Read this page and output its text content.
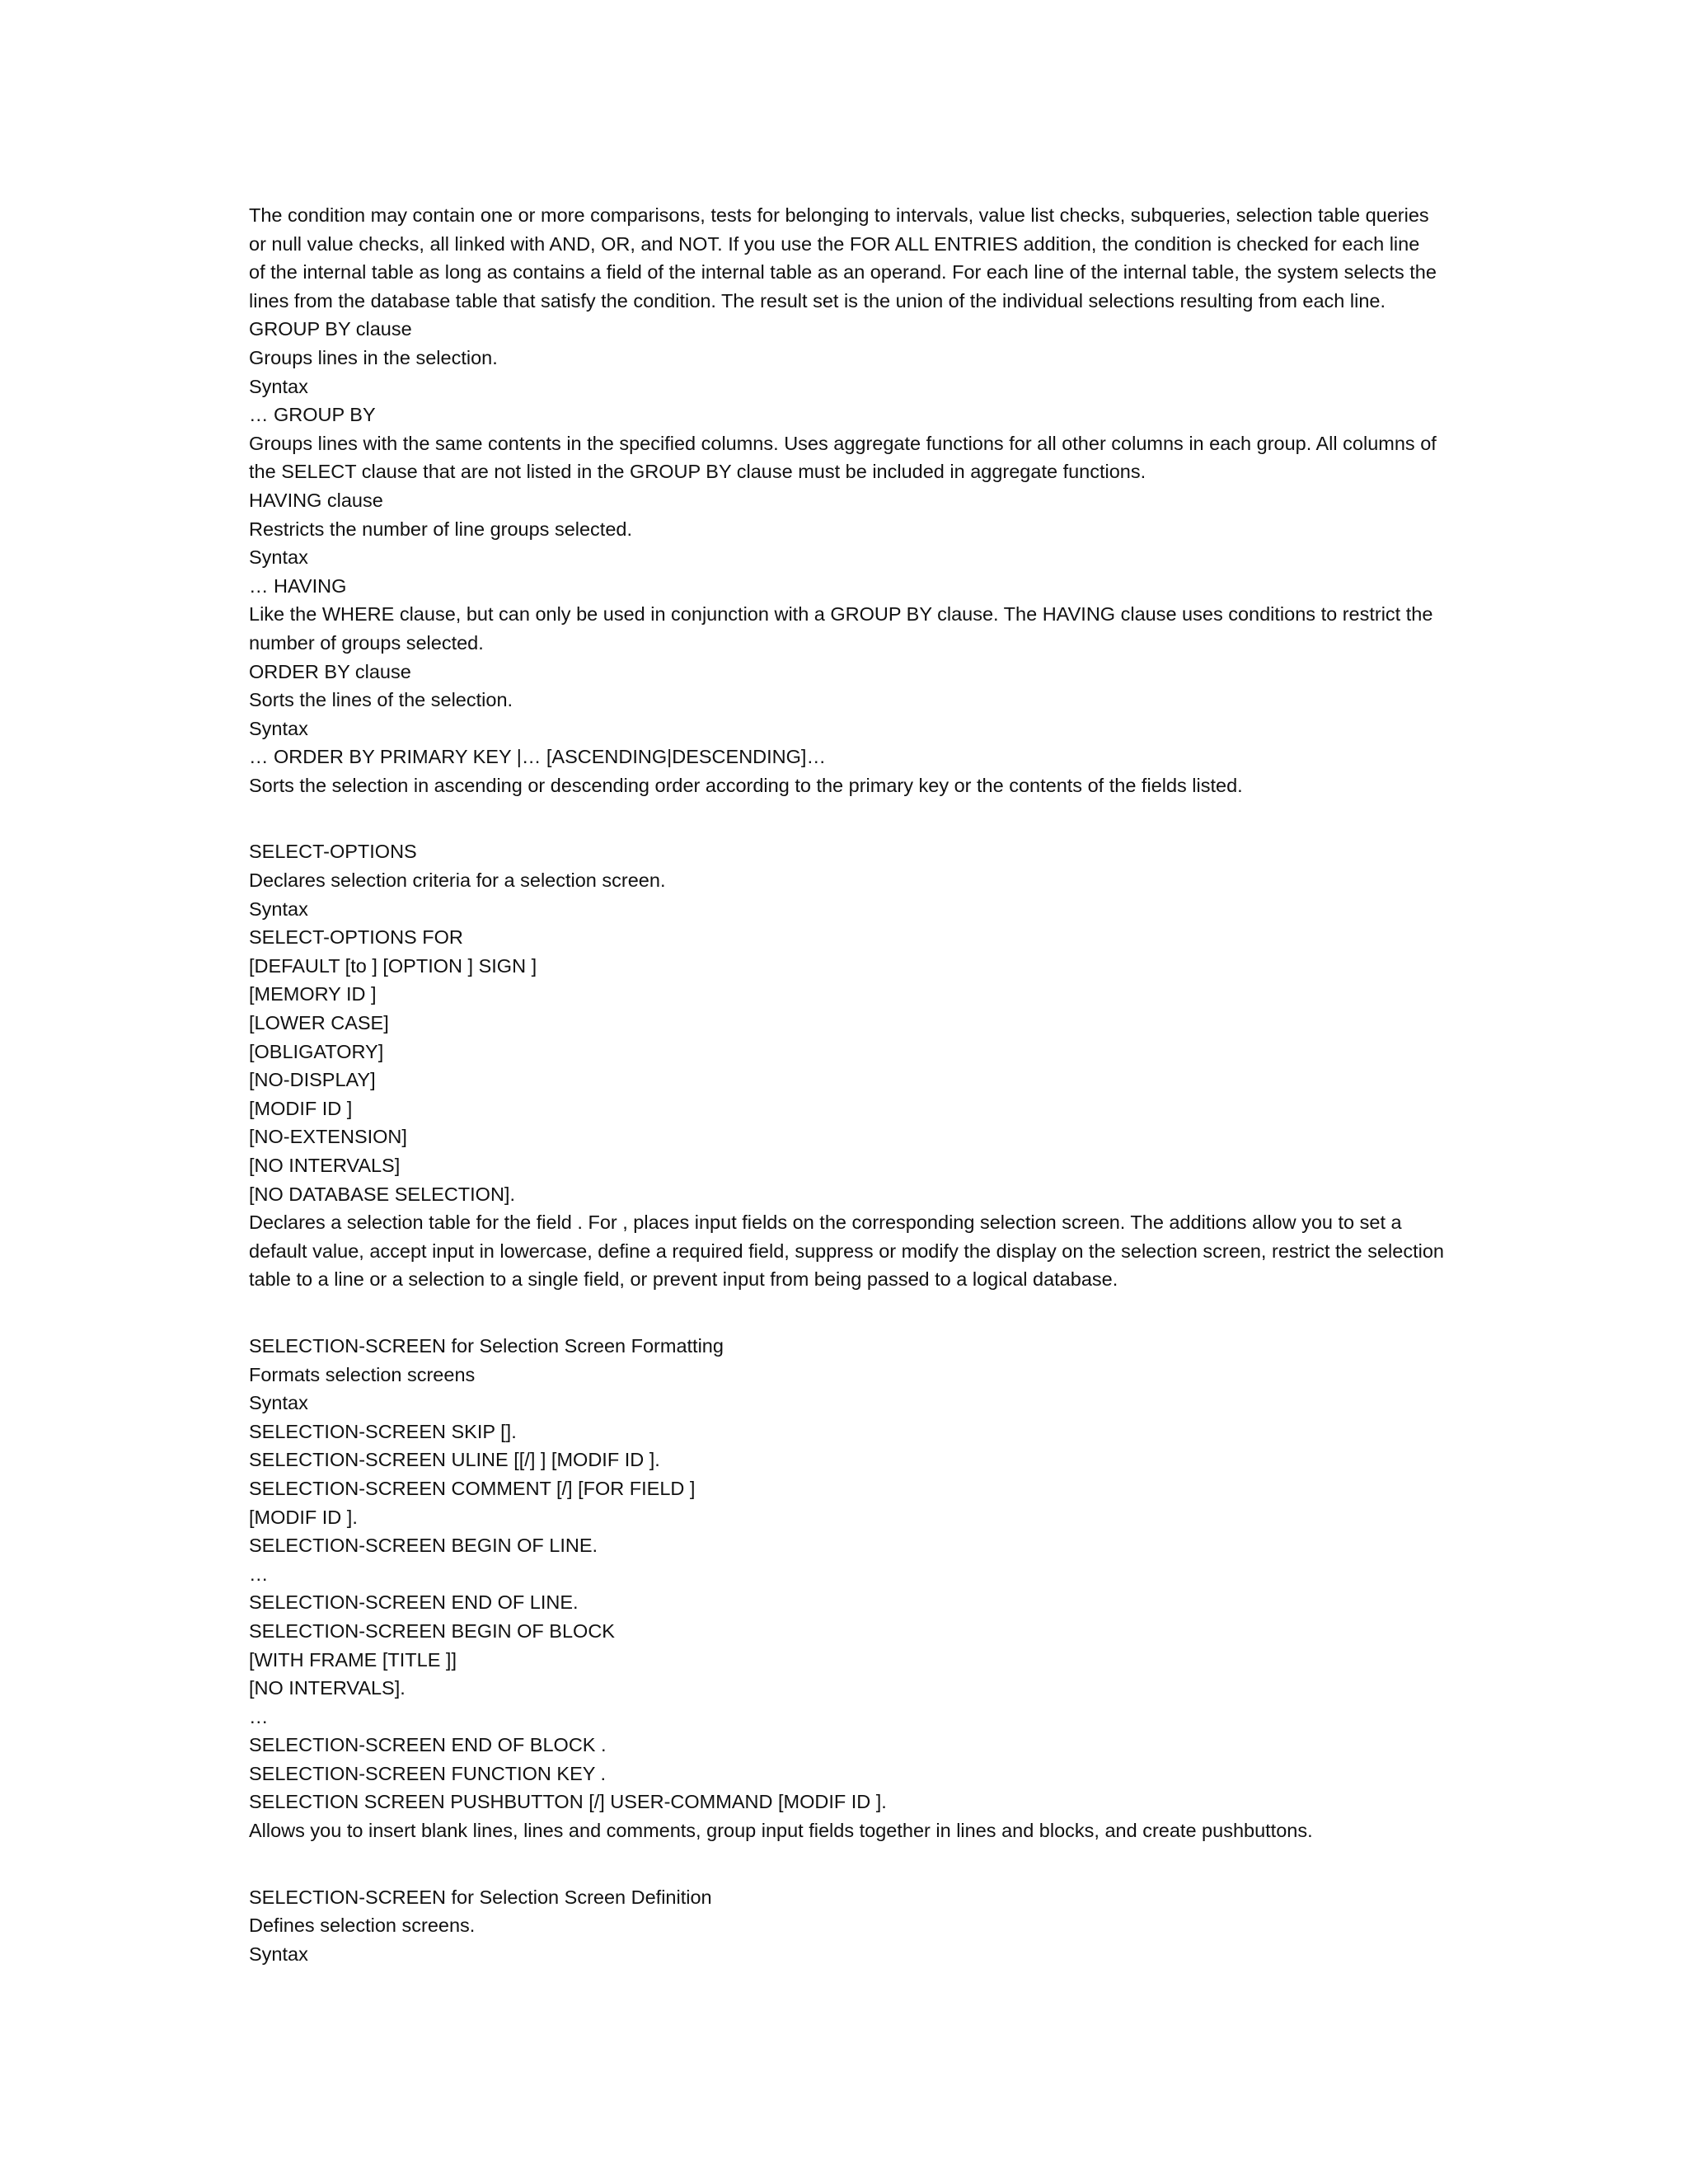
The condition may contain one or more comparisons, tests for belonging to intervals, value list checks, subqueries, selection table queries
or null value checks, all linked with AND, OR, and NOT. If you use the FOR ALL ENTRIES addition, the condition is checked for each line
of the internal table as long as contains a field of the internal table as an operand. For each line of the internal table, the system selects the
lines from the database table that satisfy the condition. The result set is the union of the individual selections resulting from each line.
GROUP BY clause
Groups lines in the selection.
Syntax
… GROUP BY
Groups lines with the same contents in the specified columns. Uses aggregate functions for all other columns in each group. All columns of
the SELECT clause that are not listed in the GROUP BY clause must be included in aggregate functions.
HAVING clause
Restricts the number of line groups selected.
Syntax
… HAVING
Like the WHERE clause, but can only be used in conjunction with a GROUP BY clause. The HAVING clause uses conditions to restrict the
number of groups selected.
ORDER BY clause
Sorts the lines of the selection.
Syntax
… ORDER BY PRIMARY KEY |… [ASCENDING|DESCENDING]…
Sorts the selection in ascending or descending order according to the primary key or the contents of the fields listed.
SELECT-OPTIONS
Declares selection criteria for a selection screen.
Syntax
SELECT-OPTIONS FOR
[DEFAULT [to ] [OPTION ] SIGN ]
[MEMORY ID ]
[LOWER CASE]
[OBLIGATORY]
[NO-DISPLAY]
[MODIF ID ]
[NO-EXTENSION]
[NO INTERVALS]
[NO DATABASE SELECTION].
Declares a selection table for the field . For , places input fields on the corresponding selection screen. The additions allow you to set a
default value, accept input in lowercase, define a required field, suppress or modify the display on the selection screen, restrict the selection
table to a line or a selection to a single field, or prevent input from being passed to a logical database.
SELECTION-SCREEN for Selection Screen Formatting
Formats selection screens
Syntax
SELECTION-SCREEN SKIP [].
SELECTION-SCREEN ULINE [[/] ] [MODIF ID ].
SELECTION-SCREEN COMMENT [/] [FOR FIELD ]
[MODIF ID ].
SELECTION-SCREEN BEGIN OF LINE.
…
SELECTION-SCREEN END OF LINE.
SELECTION-SCREEN BEGIN OF BLOCK
[WITH FRAME [TITLE ]]
[NO INTERVALS].
…
SELECTION-SCREEN END OF BLOCK .
SELECTION-SCREEN FUNCTION KEY .
SELECTION SCREEN PUSHBUTTON [/] USER-COMMAND [MODIF ID ].
Allows you to insert blank lines, lines and comments, group input fields together in lines and blocks, and create pushbuttons.
SELECTION-SCREEN for Selection Screen Definition
Defines selection screens.
Syntax
